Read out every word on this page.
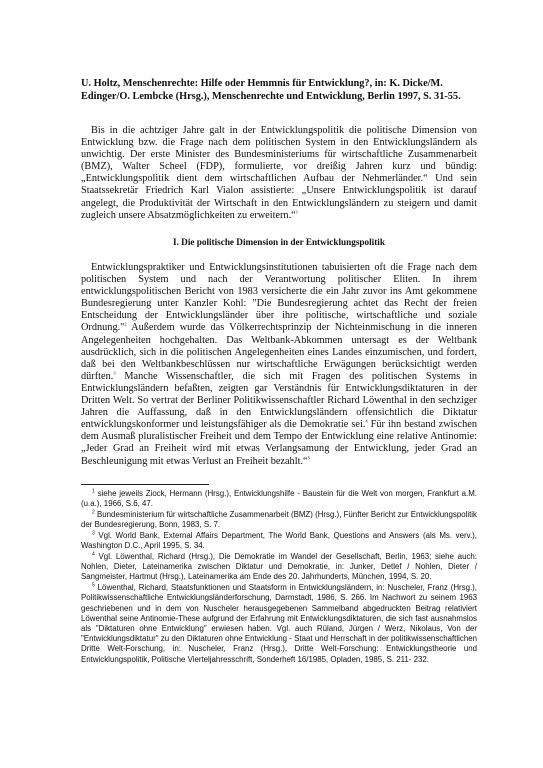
U. Holtz, Menschenrechte: Hilfe oder Hemmnis für Entwicklung?, in: K. Dicke/M. Edinger/O. Lembcke (Hrsg.), Menschenrechte und Entwicklung, Berlin 1997, S. 31-55.

Bis in die achtziger Jahre galt in der Entwicklungspolitik die politische Dimension von Entwicklung bzw. die Frage nach dem politischen System in den Entwicklungsländern als unwichtig. Der erste Minister des Bundesministeriums für wirtschaftliche Zusammenarbeit (BMZ), Walter Scheel (FDP), formulierte, vor dreißig Jahren kurz und bündig: „Entwicklungspolitik dient dem wirtschaftlichen Aufbau der Nehmerländer.“ Und sein Staatssekretär Friedrich Karl Vialon assistierte: „Unsere Entwicklungspolitik ist darauf angelegt, die Produktivität der Wirtschaft in den Entwicklungsländern zu steigern und damit zugleich unsere Absatzmöglichkeiten zu erweitern.“$^1$

I. Die politische Dimension in der Entwicklungspolitik

Entwicklungspraktiker und Entwicklungsinstitutionen tabuisierten oft die Frage nach dem politischen System und nach der Verantwortung politischer Eliten. In ihrem entwicklungspolitischen Bericht von 1983 versicherte die ein Jahr zuvor ins Amt gekommene Bundesregierung unter Kanzler Kohl: "Die Bundesregierung achtet das Recht der freien Entscheidung der Entwicklungsländer über ihre politische, wirtschaftliche und soziale Ordnung."$^2$ Außerdem wurde das Völkerrechtsprinzip der Nichteinmischung in die inneren Angelegenheiten hochgehalten. Das Weltbank-Abkommen untersagt es der Weltbank ausdrücklich, sich in die politischen Angelegenheiten eines Landes einzumischen, und fordert, daß bei den Weltbankbeschlüssen nur wirtschaftliche Erwägungen berücksichtigt werden dürften.$^3$ Manche Wissenschaftler, die sich mit Fragen des politischen Systems in Entwicklungsländern befaßten, zeigten gar Verständnis für Entwicklungsdiktaturen in der Dritten Welt. So vertrat der Berliner Politikwissenschaftler Richard Löwenthal in den sechziger Jahren die Auffassung, daß in den Entwicklungsländern offensichtlich die Diktatur entwicklungskonformer und leistungsfähiger als die Demokratie sei.$^4$ Für ihn bestand zwischen dem Ausmaß pluralistischer Freiheit und dem Tempo der Entwicklung eine relative Antinomie: „Jeder Grad an Freiheit wird mit etwas Verlangsamung der Entwicklung, jeder Grad an Beschleunigung mit etwas Verlust an Freiheit bezahlt.“$^5$

$^1$ siehe jeweils Ziock, Hermann (Hrsg.), Entwicklungshilfe - Baustein für die Welt von morgen, Frankfurt a.M. (u.a.), 1966, S.6, 47.

$^2$ Bundesministerium für wirtschaftliche Zusammenarbeit (BMZ) (Hrsg.), Fünfter Bericht zur Entwicklungspolitik der Bundesregierung, Bonn, 1983, S. 7.

$^3$ Vgl. World Bank, External Affairs Department, The World Bank, Questions and Answers (als Ms. verv.), Washington D.C., April 1995, S. 34.

$^4$ Vgl. Löwenthal, Richard (Hrsg.), Die Demokratie im Wandel der Gesellschaft, Berlin, 1963; siehe auch: Nohlen, Dieter, Lateinamerika zwischen Diktatur und Demokratie, in: Junker, Detlef / Nohlen, Dieter / Sangmeister, Hartmut (Hrsg.), Lateinamerika am Ende des 20. Jahrhunderts, München, 1994, S. 20.

$^5$ Löwenthal, Richard, Staatsfunktionen und Staatsform in Entwicklungsländern, in: Nuscheler, Franz (Hrsg.), Politikwissenschaftliche Entwicklungsländerforschung, Darmstadt, 1986, S. 266. Im Nachwort zu seinem 1963 geschriebenen und in dem von Nuscheler herausgegebenen Sammelband abgedruckten Beitrag relativiert Löwenthal seine Antinomie-These aufgrund der Erfahrung mit Entwicklungsdiktaturen, die sich fast ausnahmslos als "Diktaturen ohne Entwicklung" erwiesen haben. Vgl. auch Rüland, Jürgen / Werz, Nikolaus, Von der "Entwicklungsdiktatur" zu den Diktaturen ohne Entwicklung - Staat und Herrschaft in der politikwissenschaftlichen Dritte Welt-Forschung, in: Nuscheler, Franz (Hrsg.), Dritte Welt-Forschung: Entwicklungstheorie und Entwicklungspolitik, Politische Vierteljahresschrift, Sonderheft 16/1985, Opladen, 1985, S. 211- 232.
